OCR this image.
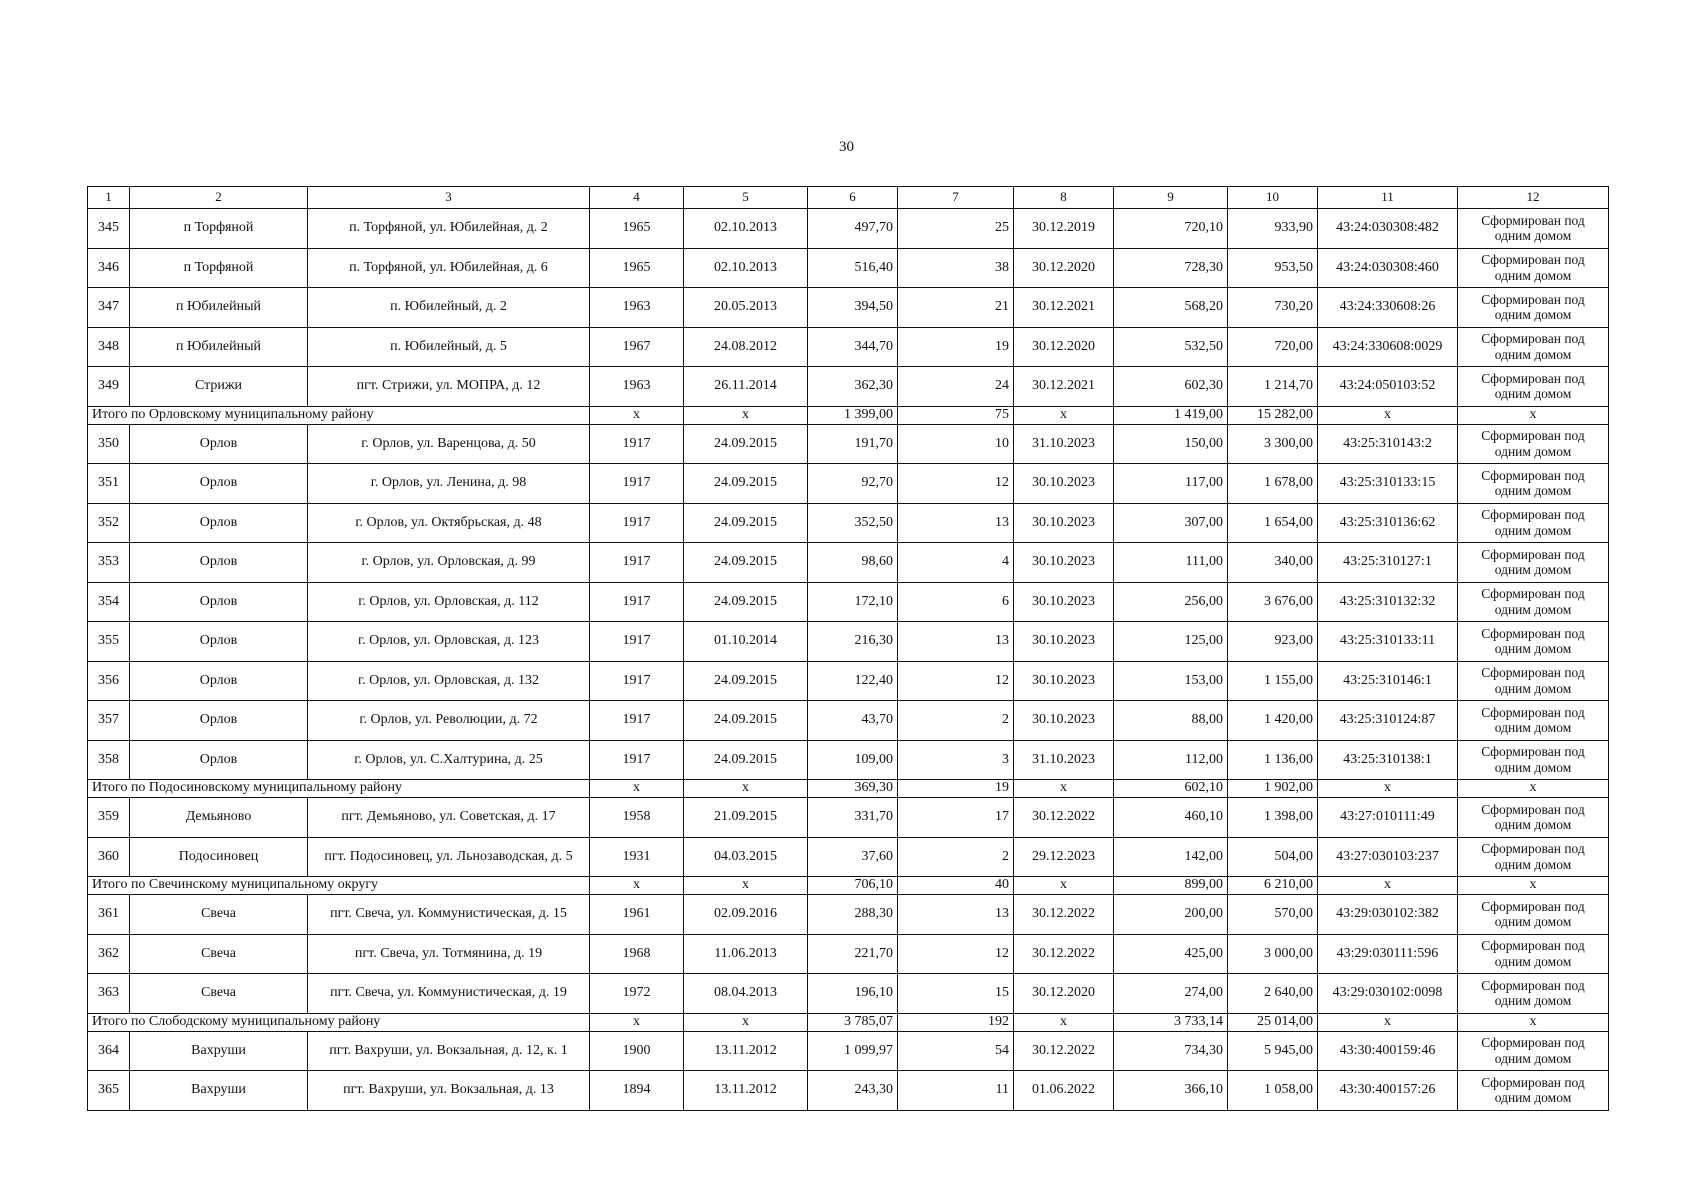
30
1	2	3	4	5	6	7	8	9	10	11	12
345	п Торфяной	п. Торфяной, ул. Юбилейная, д. 2	1965	02.10.2013	497,70	25	30.12.2019	720,10	933,90	43:24:030308:482	Сформирован под одним домом
346	п Торфяной	п. Торфяной, ул. Юбилейная, д. 6	1965	02.10.2013	516,40	38	30.12.2020	728,30	953,50	43:24:030308:460	Сформирован под одним домом
347	п Юбилейный	п. Юбилейный, д. 2	1963	20.05.2013	394,50	21	30.12.2021	568,20	730,20	43:24:330608:26	Сформирован под одним домом
348	п Юбилейный	п. Юбилейный, д. 5	1967	24.08.2012	344,70	19	30.12.2020	532,50	720,00	43:24:330608:0029	Сформирован под одним домом
349	Стрижи	пгт. Стрижи, ул. МОПРА, д. 12	1963	26.11.2014	362,30	24	30.12.2021	602,30	1 214,70	43:24:050103:52	Сформирован под одним домом
Итого по Орловскому муниципальному району			x	x	1 399,00	75	x	1 419,00	15 282,00	x	x
350	Орлов	г. Орлов, ул. Варенцова, д. 50	1917	24.09.2015	191,70	10	31.10.2023	150,00	3 300,00	43:25:310143:2	Сформирован под одним домом
351	Орлов	г. Орлов, ул. Ленина, д. 98	1917	24.09.2015	92,70	12	30.10.2023	117,00	1 678,00	43:25:310133:15	Сформирован под одним домом
352	Орлов	г. Орлов, ул. Октябрьская, д. 48	1917	24.09.2015	352,50	13	30.10.2023	307,00	1 654,00	43:25:310136:62	Сформирован под одним домом
353	Орлов	г. Орлов, ул. Орловская, д. 99	1917	24.09.2015	98,60	4	30.10.2023	111,00	340,00	43:25:310127:1	Сформирован под одним домом
354	Орлов	г. Орлов, ул. Орловская, д. 112	1917	24.09.2015	172,10	6	30.10.2023	256,00	3 676,00	43:25:310132:32	Сформирован под одним домом
355	Орлов	г. Орлов, ул. Орловская, д. 123	1917	01.10.2014	216,30	13	30.10.2023	125,00	923,00	43:25:310133:11	Сформирован под одним домом
356	Орлов	г. Орлов, ул. Орловская, д. 132	1917	24.09.2015	122,40	12	30.10.2023	153,00	1 155,00	43:25:310146:1	Сформирован под одним домом
357	Орлов	г. Орлов, ул. Революции, д. 72	1917	24.09.2015	43,70	2	30.10.2023	88,00	1 420,00	43:25:310124:87	Сформирован под одним домом
358	Орлов	г. Орлов, ул. С.Халтурина, д. 25	1917	24.09.2015	109,00	3	31.10.2023	112,00	1 136,00	43:25:310138:1	Сформирован под одним домом
Итого по Подосиновскому муниципальному району			x	x	369,30	19	x	602,10	1 902,00	x	x
359	Демьяново	пгт. Демьяново, ул. Советская, д. 17	1958	21.09.2015	331,70	17	30.12.2022	460,10	1 398,00	43:27:010111:49	Сформирован под одним домом
360	Подосиновец	пгт. Подосиновец, ул. Льнозаводская, д. 5	1931	04.03.2015	37,60	2	29.12.2023	142,00	504,00	43:27:030103:237	Сформирован под одним домом
Итого по Свечинскому муниципальному округу			x	x	706,10	40	x	899,00	6 210,00	x	x
361	Свеча	пгт. Свеча, ул. Коммунистическая, д. 15	1961	02.09.2016	288,30	13	30.12.2022	200,00	570,00	43:29:030102:382	Сформирован под одним домом
362	Свеча	пгт. Свеча, ул. Тотмянина, д. 19	1968	11.06.2013	221,70	12	30.12.2022	425,00	3 000,00	43:29:030111:596	Сформирован под одним домом
363	Свеча	пгт. Свеча, ул. Коммунистическая, д. 19	1972	08.04.2013	196,10	15	30.12.2020	274,00	2 640,00	43:29:030102:0098	Сформирован под одним домом
Итого по Слободскому муниципальному району			x	x	3 785,07	192	x	3 733,14	25 014,00	x	x
364	Вахруши	пгт. Вахруши, ул. Вокзальная, д. 12, к. 1	1900	13.11.2012	1 099,97	54	30.12.2022	734,30	5 945,00	43:30:400159:46	Сформирован под одним домом
365	Вахруши	пгт. Вахруши, ул. Вокзальная, д. 13	1894	13.11.2012	243,30	11	01.06.2022	366,10	1 058,00	43:30:400157:26	Сформирован под одним домом
